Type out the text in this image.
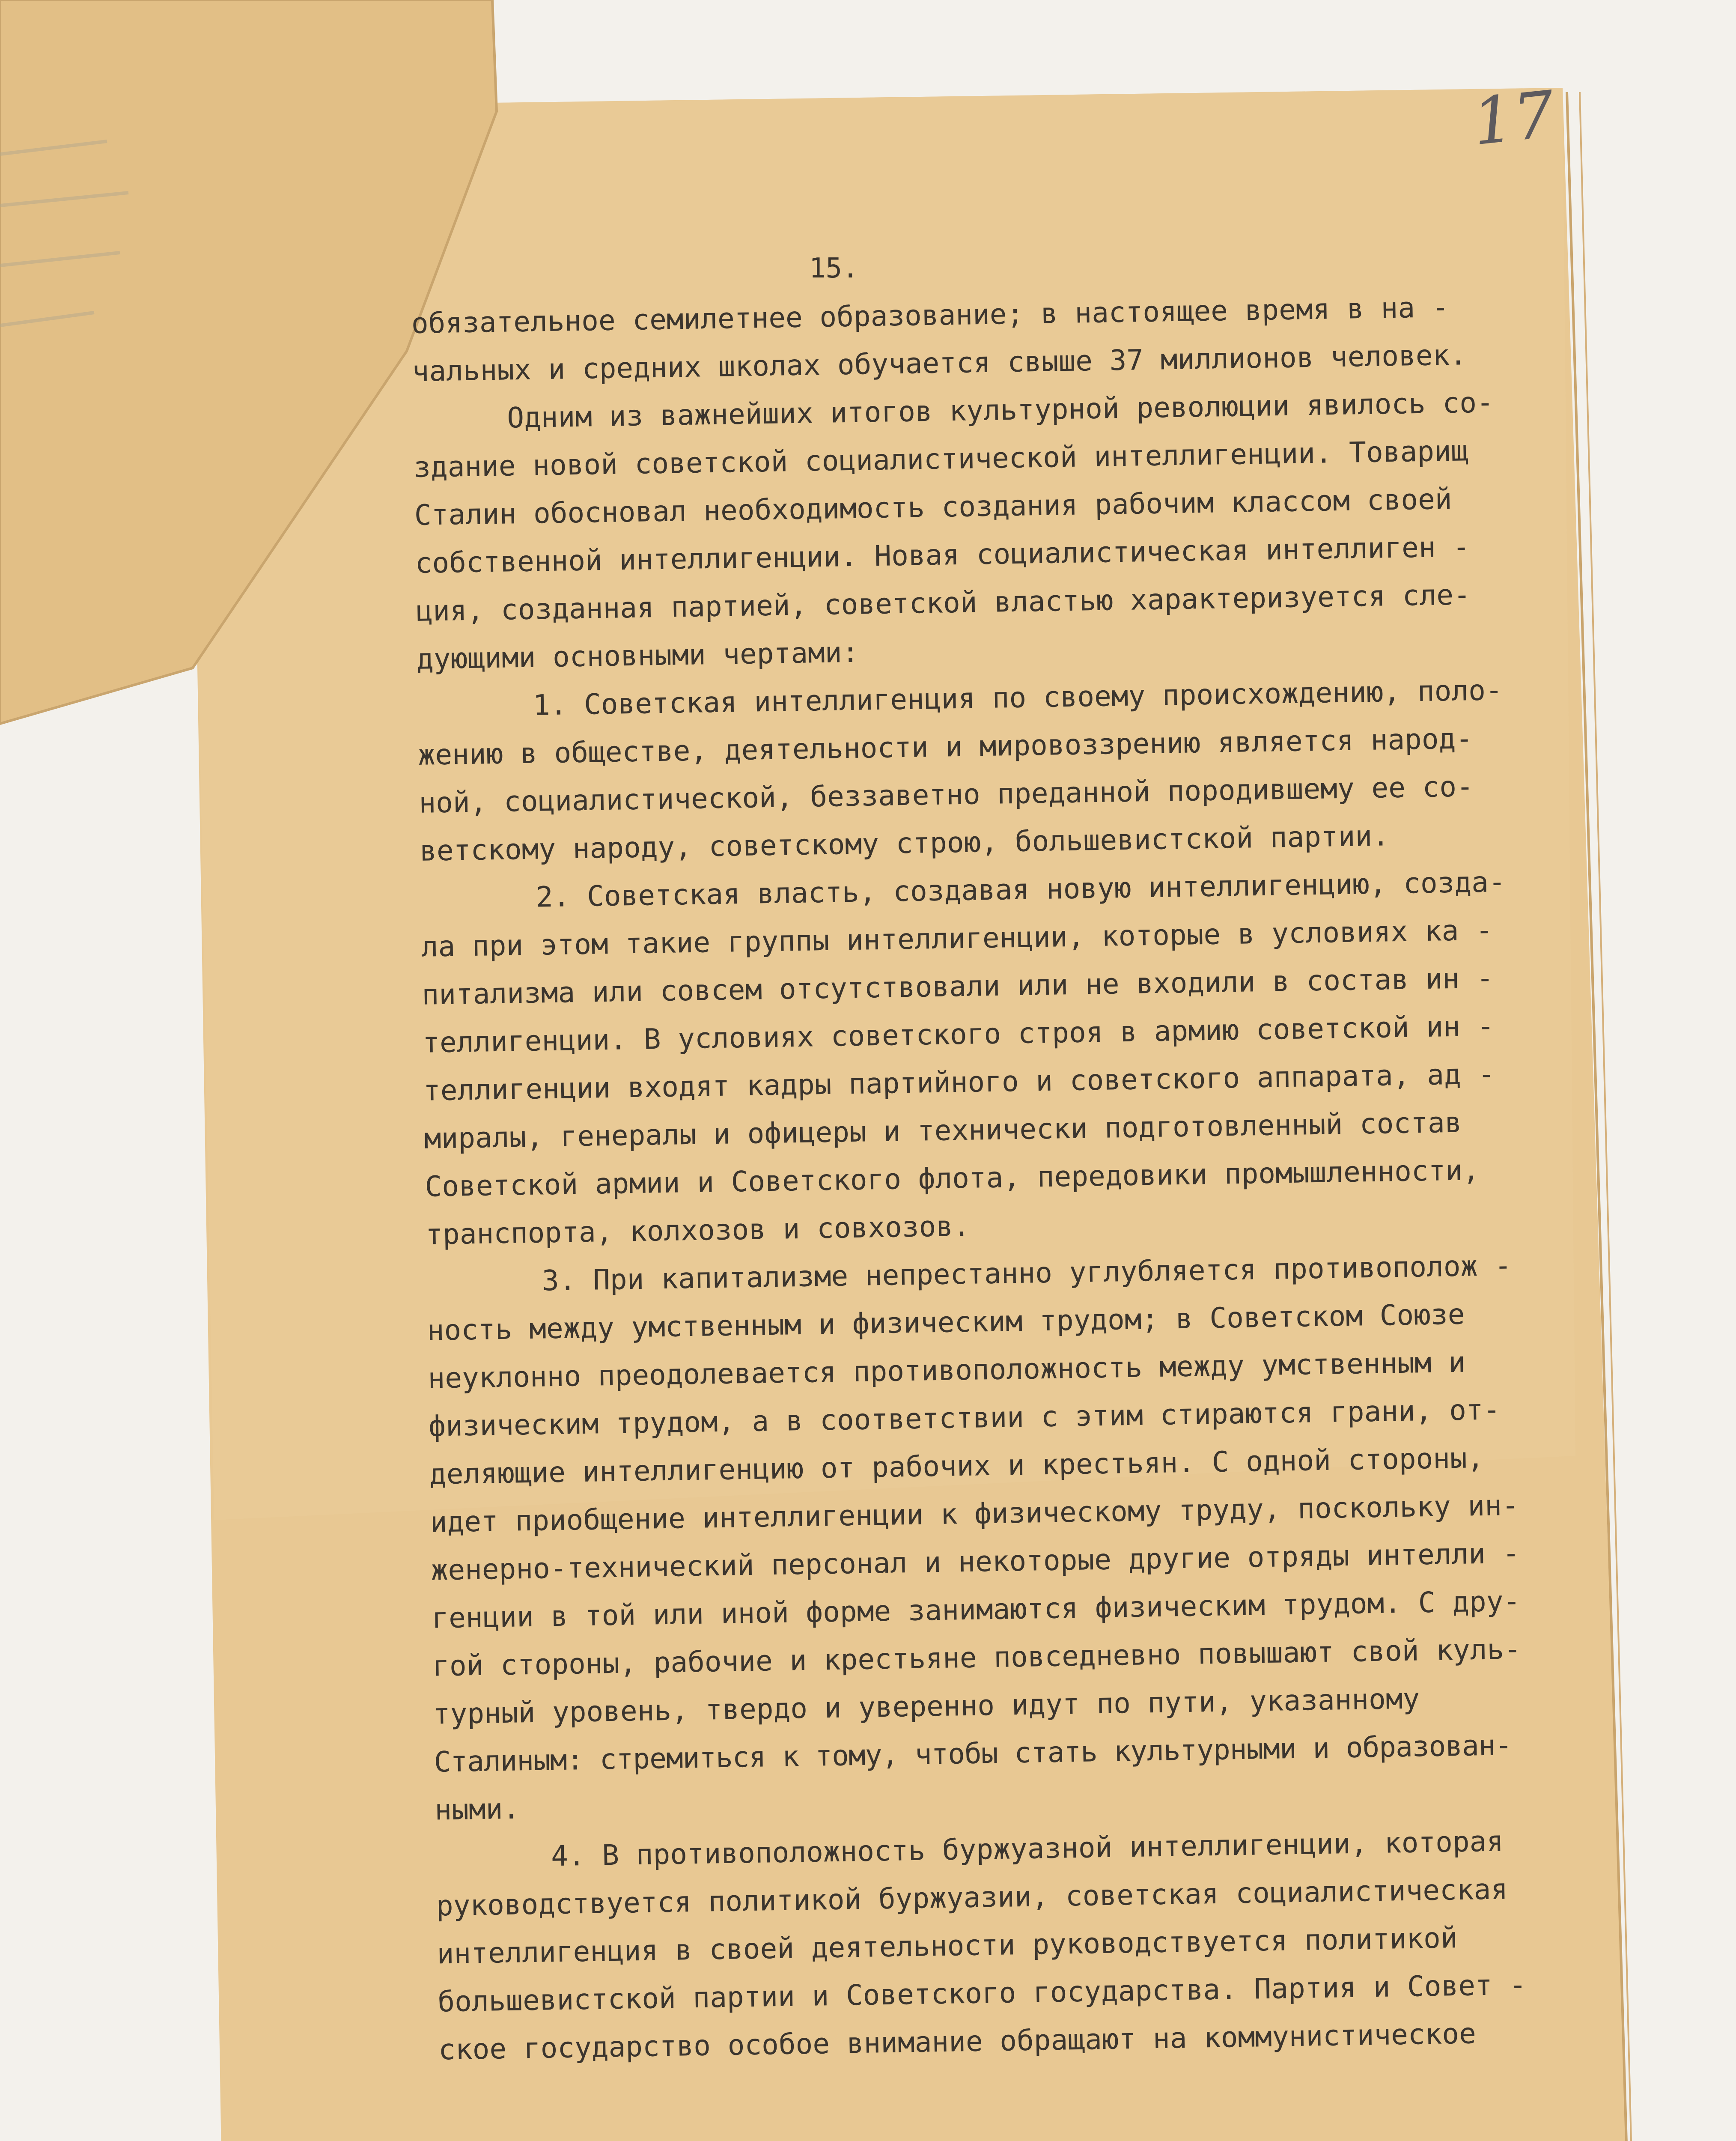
17
15.
обязательное семилетнее образование; в настоящее время в на -
чальных и средних школах обучается свыше 37 миллионов человек.
Одним из важнейших итогов культурной революции явилось со-
здание новой советской социалистической интеллигенции. Товарищ
Сталин обосновал необходимость создания рабочим классом своей
собственной интеллигенции. Новая социалистическая интеллиген -
ция, созданная партией, советской властью характеризуется сле-
дующими основными чертами:
1. Советская интеллигенция по своему происхождению, поло-
жению в обществе, деятельности и мировоззрению является народ-
ной, социалистической, беззаветно преданной породившему ее со-
ветскому народу, советскому строю, большевистской партии.
2. Советская власть, создавая новую интеллигенцию, созда-
ла при этом такие группы интеллигенции, которые в условиях ка -
питализма или совсем отсутствовали или не входили в состав ин -
теллигенции. В условиях советского строя в армию советской ин -
теллигенции входят кадры партийного и советского аппарата, ад -
миралы, генералы и офицеры и технически подготовленный состав
Советской армии и Советского флота, передовики промышленности,
транспорта, колхозов и совхозов.
3. При капитализме непрестанно углубляется противополож -
ность между умственным и физическим трудом; в Советском Союзе
неуклонно преодолевается противоположность между умственным и
физическим трудом, а в соответствии с этим стираются грани, от-
деляющие интеллигенцию от рабочих и крестьян. С одной стороны,
идет приобщение интеллигенции к физическому труду, поскольку ин-
женерно-технический персонал и некоторые другие отряды интелли -
генции в той или иной форме занимаются физическим трудом. С дру-
гой стороны, рабочие и крестьяне повседневно повышают свой куль-
турный уровень, твердо и уверенно идут по пути, указанному
Сталиным: стремиться к тому, чтобы стать культурными и образован-
ными.
4. В противоположность буржуазной интеллигенции, которая
руководствуется политикой буржуазии, советская социалистическая
интеллигенция в своей деятельности руководствуется политикой
большевистской партии и Советского государства. Партия и Совет -
ское государство особое внимание обращают на коммунистическое
